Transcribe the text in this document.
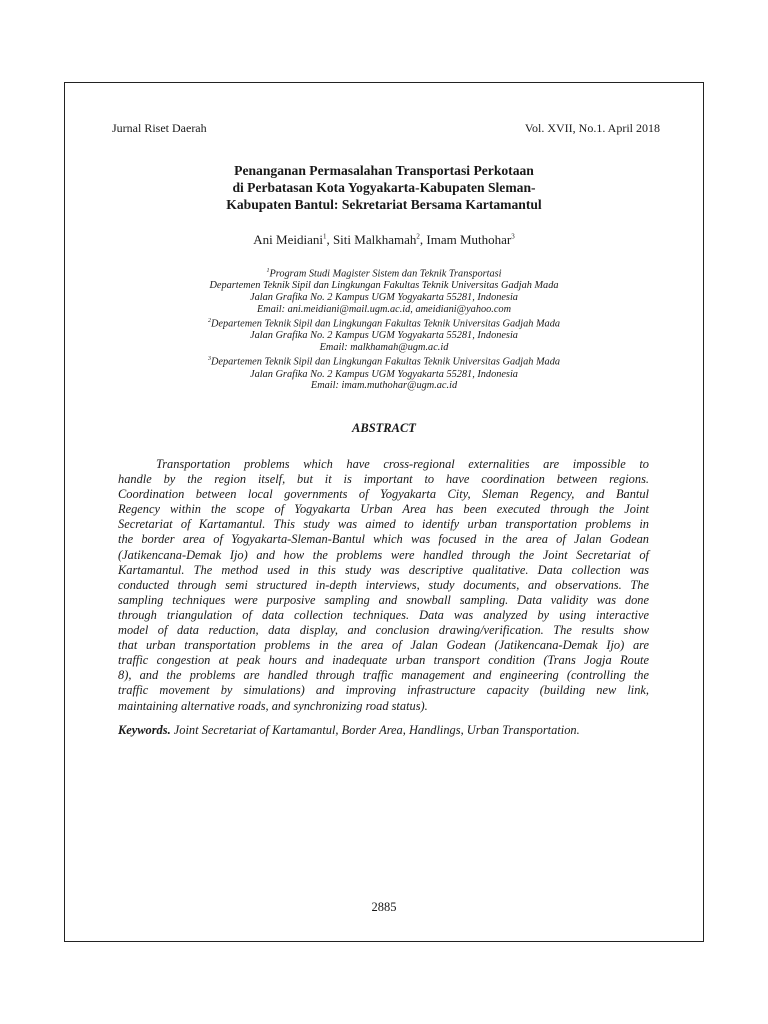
Jurnal Riset Daerah	Vol. XVII, No.1. April 2018
Penanganan Permasalahan Transportasi Perkotaan
di Perbatasan Kota Yogyakarta-Kabupaten Sleman-
Kabupaten Bantul: Sekretariat Bersama Kartamantul
Ani Meidiani$^1$, Siti Malkhamah$^2$, Imam Muthohar$^3$
$^1$Program Studi Magister Sistem dan Teknik Transportasi
Departemen Teknik Sipil dan Lingkungan Fakultas Teknik Universitas Gadjah Mada
Jalan Grafika No. 2 Kampus UGM Yogyakarta 55281, Indonesia
Email: ani.meidiani@mail.ugm.ac.id, ameidiani@yahoo.com
$^2$Departemen Teknik Sipil dan Lingkungan Fakultas Teknik Universitas Gadjah Mada
Jalan Grafika No. 2 Kampus UGM Yogyakarta 55281, Indonesia
Email: malkhamah@ugm.ac.id
$^3$Departemen Teknik Sipil dan Lingkungan Fakultas Teknik Universitas Gadjah Mada
Jalan Grafika No. 2 Kampus UGM Yogyakarta 55281, Indonesia
Email: imam.muthohar@ugm.ac.id
ABSTRACT
Transportation problems which have cross-regional externalities are impossible to
handle by the region itself, but it is important to have coordination between regions.
Coordination between local governments of Yogyakarta City, Sleman Regency, and Bantul
Regency within the scope of Yogyakarta Urban Area has been executed through the Joint
Secretariat of Kartamantul. This study was aimed to identify urban transportation problems in
the border area of Yogyakarta-Sleman-Bantul which was focused in the area of Jalan Godean
(Jatikencana-Demak Ijo) and how the problems were handled through the Joint Secretariat of
Kartamantul. The method used in this study was descriptive qualitative. Data collection was
conducted through semi structured in-depth interviews, study documents, and observations. The
sampling techniques were purposive sampling and snowball sampling. Data validity was done
through triangulation of data collection techniques. Data was analyzed by using interactive
model of data reduction, data display, and conclusion drawing/verification. The results show
that urban transportation problems in the area of Jalan Godean (Jatikencana-Demak Ijo) are
traffic congestion at peak hours and inadequate urban transport condition (Trans Jogja Route
8), and the problems are handled through traffic management and engineering (controlling the
traffic movement by simulations) and improving infrastructure capacity (building new link,
maintaining alternative roads, and synchronizing road status).
Keywords. Joint Secretariat of Kartamantul, Border Area, Handlings, Urban Transportation.
2885
